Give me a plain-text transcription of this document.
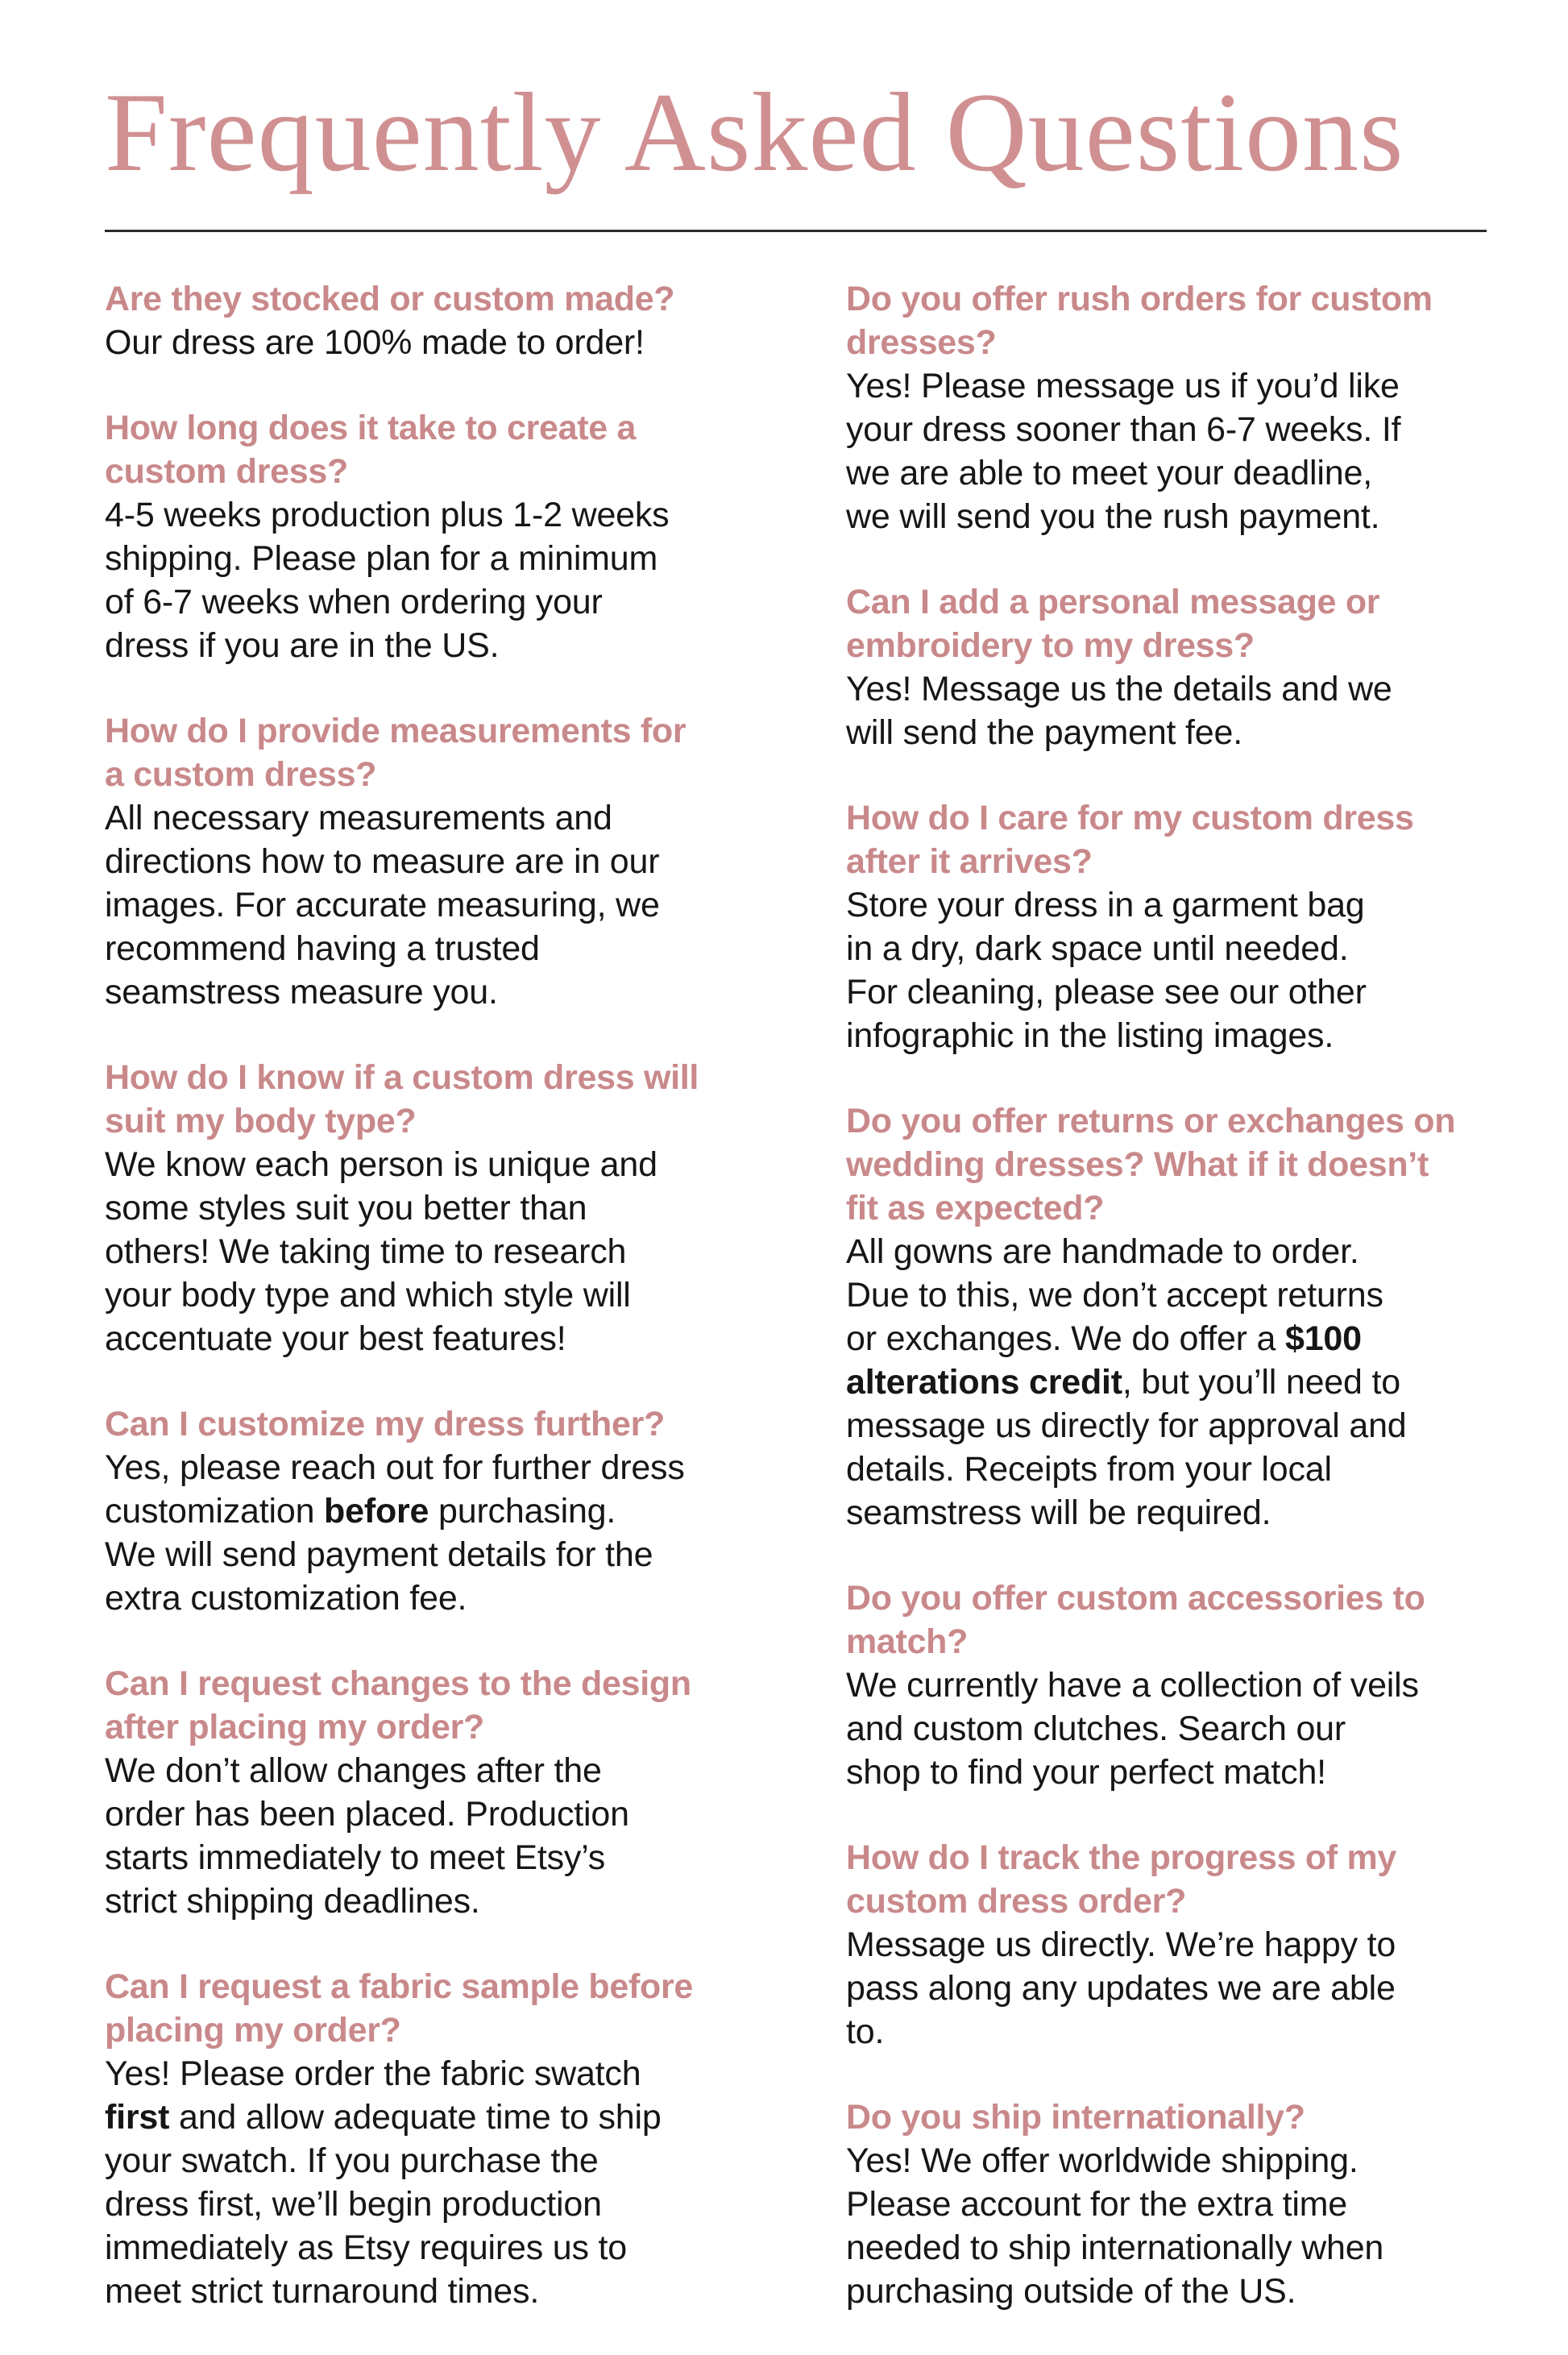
Frequently Asked Questions
Are they stocked or custom made?

Our dress are 100% made to order!

How long does it take to create a
custom dress?

4-5 weeks production plus 1-2 weeks
shipping. Please plan for a minimum
of 6-7 weeks when ordering your
dress if you are in the US.

How do I provide measurements for
a custom dress?

All necessary measurements and
directions how to measure are in our
images. For accurate measuring, we
recommend having a trusted
seamstress measure you.

How do I know if a custom dress will
suit my body type?

We know each person is unique and
some styles suit you better than
others! We taking time to research
your body type and which style will
accentuate your best features!

Can I customize my dress further?

Yes, please reach out for further dress
customization before purchasing.
We will send payment details for the
extra customization fee.

Can I request changes to the design
after placing my order?

We don’t allow changes after the
order has been placed. Production
starts immediately to meet Etsy’s
strict shipping deadlines.

Can I request a fabric sample before
placing my order?

Yes! Please order the fabric swatch
first and allow adequate time to ship
your swatch. If you purchase the
dress first, we’ll begin production
immediately as Etsy requires us to
meet strict turnaround times.

Do you offer rush orders for custom
dresses?

Yes! Please message us if you’d like
your dress sooner than 6-7 weeks. If
we are able to meet your deadline,
we will send you the rush payment.

Can I add a personal message or
embroidery to my dress?

Yes! Message us the details and we
will send the payment fee.

How do I care for my custom dress
after it arrives?

Store your dress in a garment bag
in a dry, dark space until needed.
For cleaning, please see our other
infographic in the listing images.

Do you offer returns or exchanges on
wedding dresses? What if it doesn’t
fit as expected?

All gowns are handmade to order.
Due to this, we don’t accept returns
or exchanges. We do offer a $100
alterations credit, but you’ll need to
message us directly for approval and
details. Receipts from your local
seamstress will be required.

Do you offer custom accessories to
match?

We currently have a collection of veils
and custom clutches. Search our
shop to find your perfect match!

How do I track the progress of my
custom dress order?

Message us directly. We’re happy to
pass along any updates we are able
to.

Do you ship internationally?

Yes! We offer worldwide shipping.
Please account for the extra time
needed to ship internationally when
purchasing outside of the US.
